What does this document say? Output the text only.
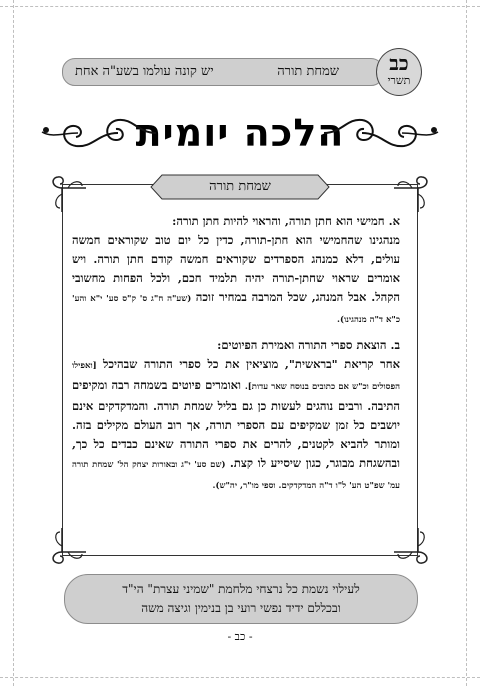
יש קונה עולמו בשע"ה אחת	שמחת תורה	כב
תשרי
הלכה יומית
שמחת תורה

א. חמישי הוא חתן תורה, והראוי להיות חתן תורה:

מנהגינו שהחמישי הוא חתן-תורה, כדין כל יום טוב שקוראים חמשה עולים, דלא כמנהג הספרדים שקוראים חמשה קודם חתן תורה. ויש אומרים שראוי שחתן-תורה יהיה תלמיד חכם, ולכל הפחות מחשובי הקהל. אבל המנהג, שכל המרבה במחיר זוכה (שע"ה ח"ג ס' ק"ס סע' י"א והע' כ"א ד"ה מנהגינו).

ב. הוצאת ספרי התורה ואמירת הפיוטים:

אחר קריאת "בראשית", מוציאין את כל ספרי התורה שבהיכל [ואפילו הפסולים וכ"ש אם כתובים בנוסח שאר עדות]. ואומרים פיוטים בשמחה רבה ומקיפים התיבה. ורבים נוהגים לעשות כן גם בליל שמחת תורה. והמדקדקים אינם יושבים כל זמן שמקיפים עם הספרי תורה, אך רוב העולם מקילים בזה. ומותר להביא לקטנים, להרים את ספרי התורה שאינם כבדים כל כך, ובהשגחת מבוגר, כגון שיסייע לו קצת. (שם סע' י"ג ובאורות יצחק הל' שמחת תורה עמ' שפ"ט הע' ל"ו ד"ה המדקדקים. וספי מו"ר, יה"ש).

לעילוי נשמת כל נרצחי מלחמת "שמיני עצרת" הי"ד
ובכללם ידיד נפשי רועי בן בנימין וגיצה משה
- כב -
